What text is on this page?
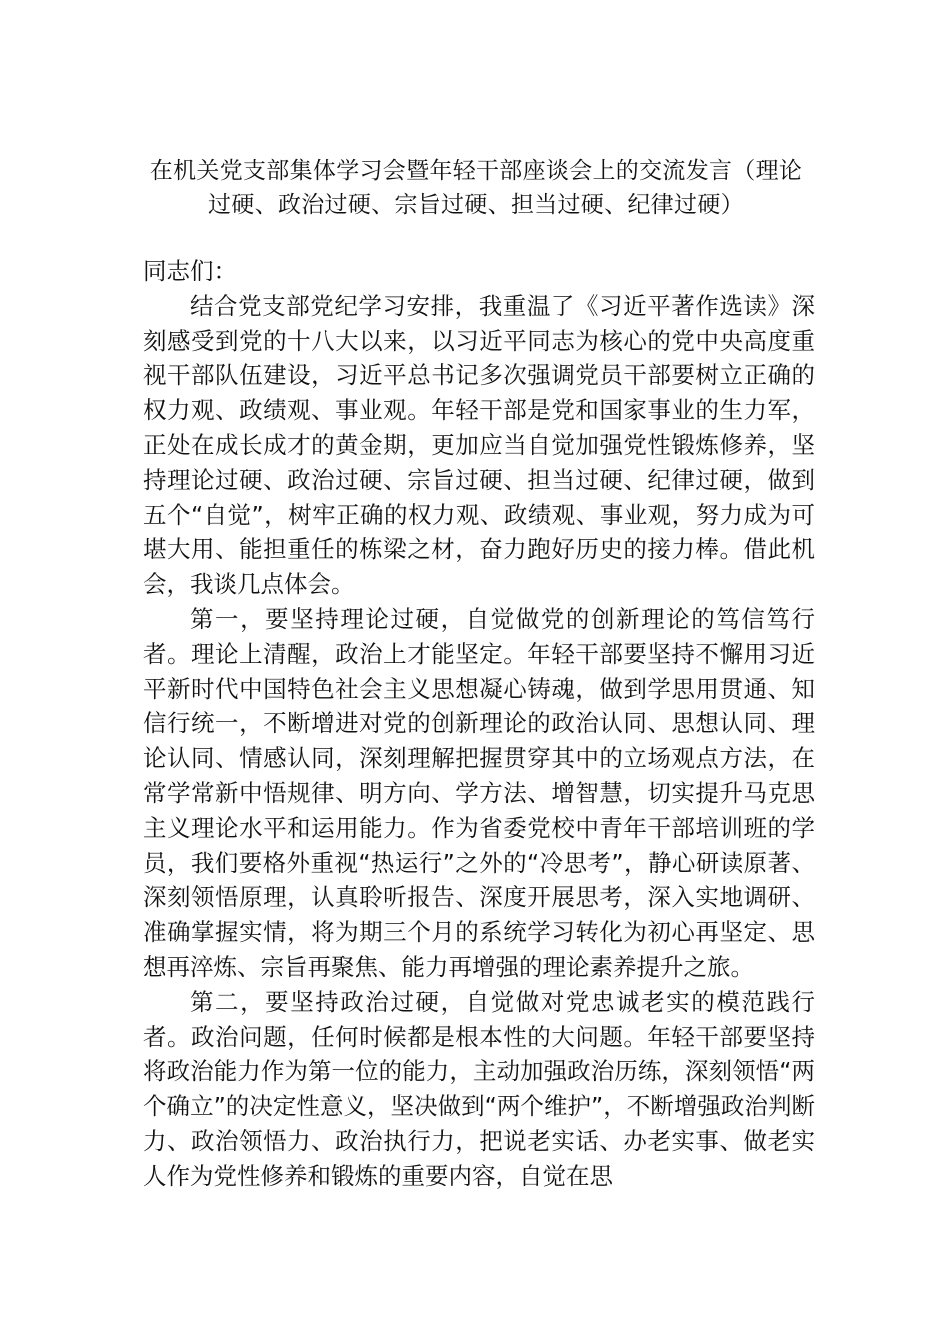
在机关党支部集体学习会暨年轻干部座谈会上的交流发言（理论过硬、政治过硬、宗旨过硬、担当过硬、纪律过硬）

同志们：

结合党支部党纪学习安排，我重温了《习近平著作选读》深刻感受到党的十八大以来，以习近平同志为核心的党中央高度重视干部队伍建设，习近平总书记多次强调党员干部要树立正确的权力观、政绩观、事业观。年轻干部是党和国家事业的生力军，正处在成长成才的黄金期，更加应当自觉加强党性锻炼修养，坚持理论过硬、政治过硬、宗旨过硬、担当过硬、纪律过硬，做到五个“自觉”，树牢正确的权力观、政绩观、事业观，努力成为可堪大用、能担重任的栋梁之材，奋力跑好历史的接力棒。借此机会，我谈几点体会。

第一，要坚持理论过硬，自觉做党的创新理论的笃信笃行者。理论上清醒，政治上才能坚定。年轻干部要坚持不懈用习近平新时代中国特色社会主义思想凝心铸魂，做到学思用贯通、知信行统一，不断增进对党的创新理论的政治认同、思想认同、理论认同、情感认同，深刻理解把握贯穿其中的立场观点方法，在常学常新中悟规律、明方向、学方法、增智慧，切实提升马克思主义理论水平和运用能力。作为省委党校中青年干部培训班的学员，我们要格外重视“热运行”之外的“冷思考”，静心研读原著、深刻领悟原理，认真聆听报告、深度开展思考，深入实地调研、准确掌握实情，将为期三个月的系统学习转化为初心再坚定、思想再淬炼、宗旨再聚焦、能力再增强的理论素养提升之旅。

第二，要坚持政治过硬，自觉做对党忠诚老实的模范践行者。政治问题，任何时候都是根本性的大问题。年轻干部要坚持将政治能力作为第一位的能力，主动加强政治历练，深刻领悟“两个确立”的决定性意义，坚决做到“两个维护”，不断增强政治判断力、政治领悟力、政治执行力，把说老实话、办老实事、做老实人作为党性修养和锻炼的重要内容，自觉在思
